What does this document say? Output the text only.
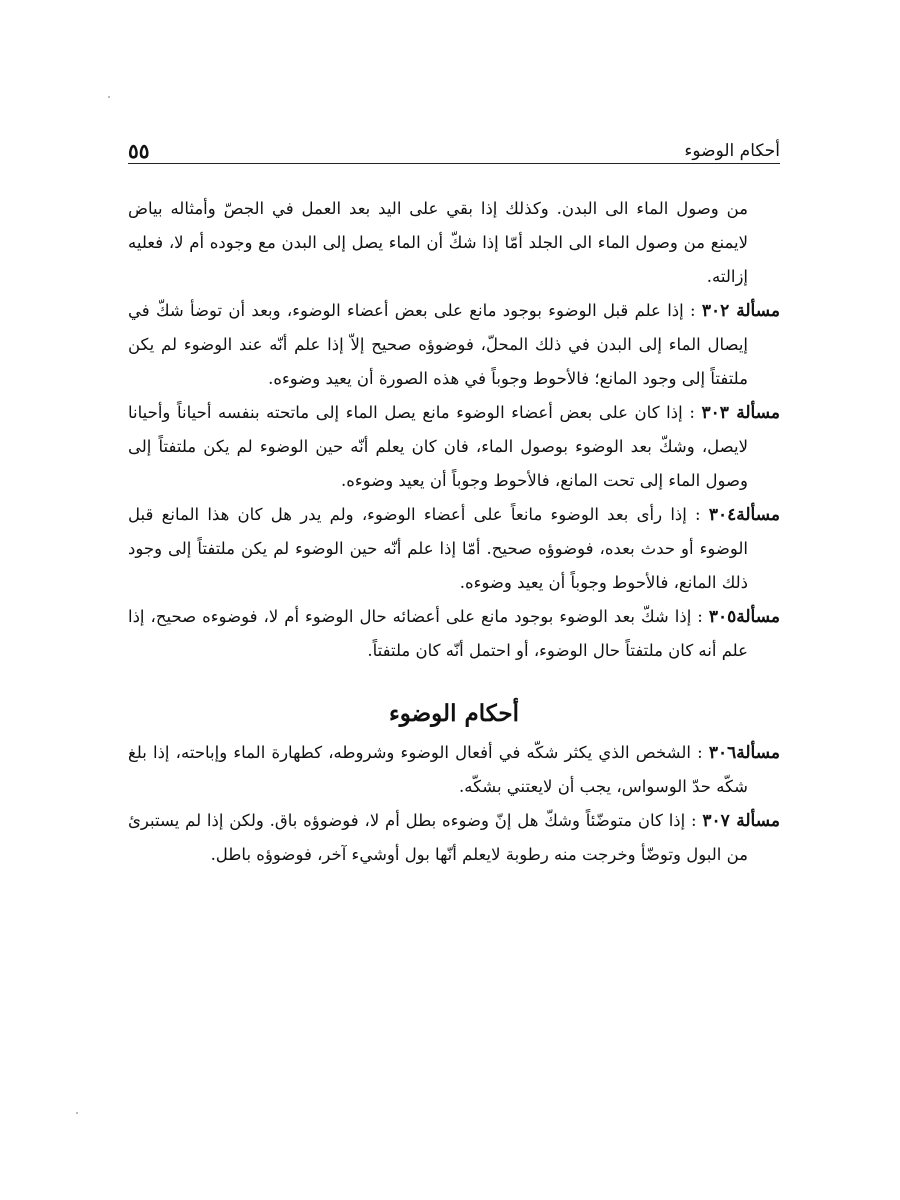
أحكام الوضوء
٥٥

من وصول الماء الى البدن. وكذلك إذا بقي على اليد بعد العمل في الجصّ وأمثاله بياض لايمنع من وصول الماء الى الجلد أمّا إذا شكّ أن الماء يصل إلى البدن مع وجوده أم لا، فعليه إزالته.

مسألة ٣٠٢ : إذا علم قبل الوضوء بوجود مانع على بعض أعضاء الوضوء، وبعد أن توضأ شكّ في إيصال الماء إلى البدن في ذلك المحلّ، فوضوؤه صحيح إلاّ إذا علم أنّه عند الوضوء لم يكن ملتفتاً إلى وجود المانع؛ فالأحوط وجوباً في هذه الصورة أن يعيد وضوءه.

مسألة ٣٠٣ : إذا كان على بعض أعضاء الوضوء مانع يصل الماء إلى ماتحته بنفسه أحياناً وأحيانا لايصل، وشكّ بعد الوضوء بوصول الماء، فان كان يعلم أنّه حين الوضوء لم يكن ملتفتاً إلى وصول الماء إلى تحت المانع، فالأحوط وجوباً أن يعيد وضوءه.

مسألة٣٠٤ : إذا رأى بعد الوضوء مانعاً على أعضاء الوضوء، ولم يدر هل كان هذا المانع قبل الوضوء أو حدث بعده، فوضوؤه صحيح. أمّا إذا علم أنّه حين الوضوء لم يكن ملتفتاً إلى وجود ذلك المانع، فالأحوط وجوباً أن يعيد وضوءه.

مسألة٣٠٥ : إذا شكّ بعد الوضوء بوجود مانع على أعضائه حال الوضوء أم لا، فوضوءه صحيح، إذا علم أنه كان ملتفتاً حال الوضوء، أو احتمل أنّه كان ملتفتاً.

أحكام الوضوء

مسألة٣٠٦ : الشخص الذي يكثر شكّه في أفعال الوضوء وشروطه، كطهارة الماء وإباحته، إذا بلغ شكّه حدّ الوسواس، يجب أن لايعتني بشكّه.

مسألة ٣٠٧ : إذا كان متوضّئاً وشكّ هل إنّ وضوءه بطل أم لا، فوضوؤه باق. ولكن إذا لم يستبرئ من البول وتوضّأ وخرجت منه رطوبة لايعلم أنّها بول أوشيء آخر، فوضوؤه باطل.
